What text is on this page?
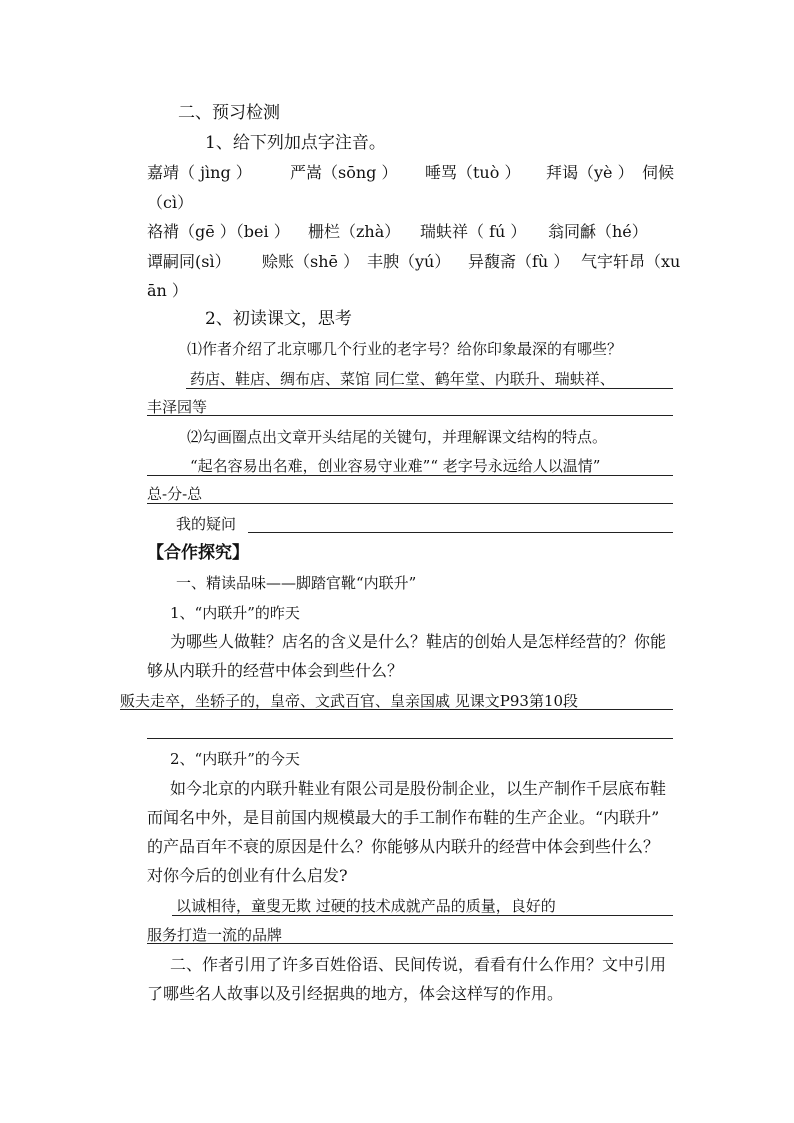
二、预习检测
1、给下列加点字注音。
嘉靖（ jìng ） 严嵩（sōng ） 唾骂（tuò ） 拜谒（yè ） 伺候
（cì）
袼褙（gē ）（bei ） 栅栏（zhà） 瑞蚨祥（ fú ） 翁同龢（hé）
谭嗣同(sì） 赊账（shē ） 丰腴（yú） 异馥斋（fù ） 气宇轩昂（xu
ān ）
2、初读课文，思考
⑴作者介绍了北京哪几个行业的老字号？给你印象最深的有哪些？
药店、鞋店、绸布店、菜馆 同仁堂、鹤年堂、内联升、瑞蚨祥、
丰泽园等
⑵勾画圈点出文章开头结尾的关键句，并理解课文结构的特点。
“起名容易出名难，创业容易守业难”“ 老字号永远给人以温情”
总-分-总
我的疑问
【合作探究】
一、精读品味——脚踏官靴“内联升”
1、“内联升”的昨天
为哪些人做鞋？店名的含义是什么？鞋店的创始人是怎样经营的？你能
够从内联升的经营中体会到些什么？
贩夫走卒，坐轿子的，皇帝、文武百官、皇亲国戚 见课文P93第10段
2、“内联升”的今天
如今北京的内联升鞋业有限公司是股份制企业，以生产制作千层底布鞋
而闻名中外，是目前国内规模最大的手工制作布鞋的生产企业。“内联升”
的产品百年不衰的原因是什么？你能够从内联升的经营中体会到些什么？
对你今后的创业有什么启发?
以诚相待，童叟无欺 过硬的技术成就产品的质量，良好的
服务打造一流的品牌
二、作者引用了许多百姓俗语、民间传说，看看有什么作用？文中引用
了哪些名人故事以及引经据典的地方，体会这样写的作用。
